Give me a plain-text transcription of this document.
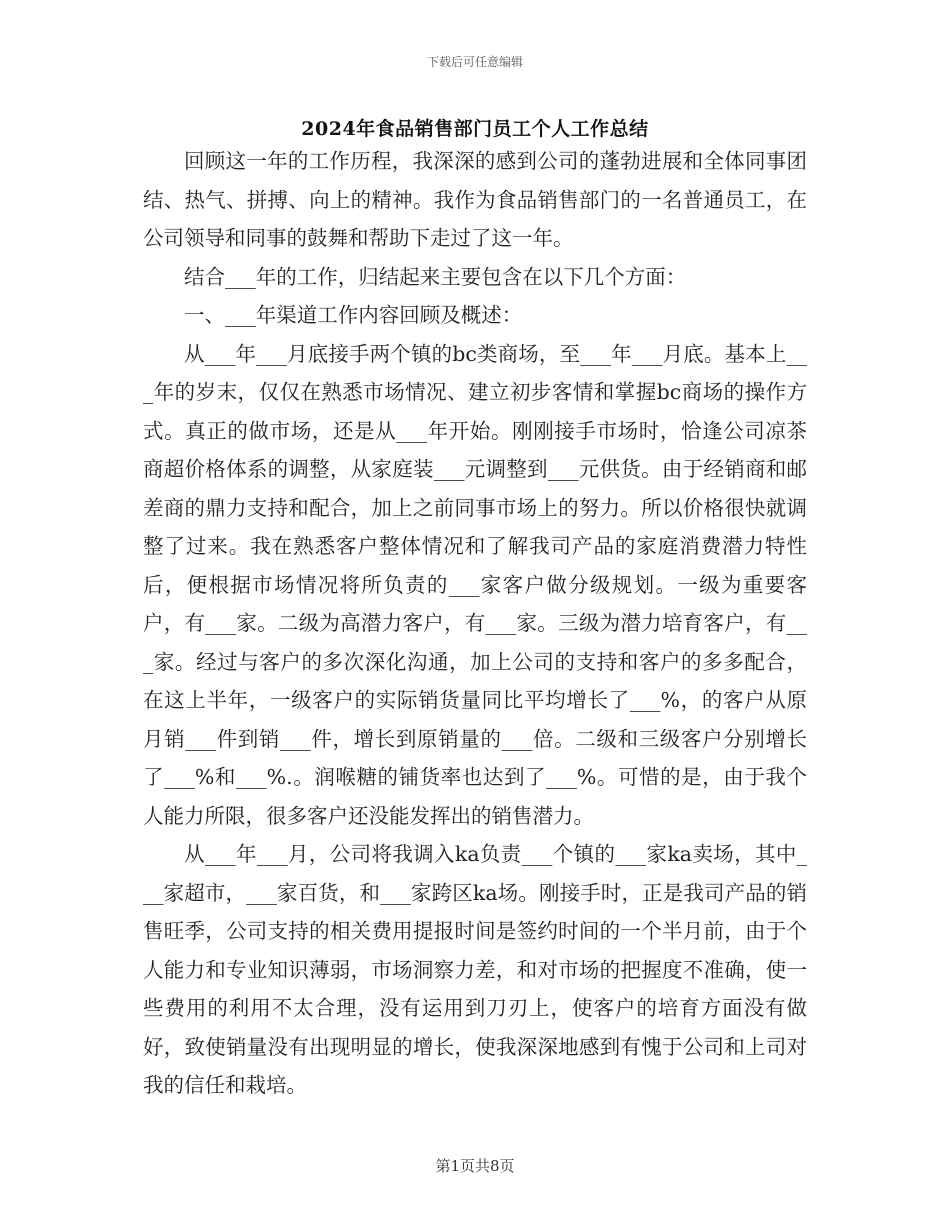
下载后可任意编辑
2024年食品销售部门员工个人工作总结

回顾这一年的工作历程，我深深的感到公司的蓬勃进展和全体同事团结、热气、拼搏、向上的精神。我作为食品销售部门的一名普通员工，在公司领导和同事的鼓舞和帮助下走过了这一年。

结合___年的工作，归结起来主要包含在以下几个方面：

一、___年渠道工作内容回顾及概述：

从___年___月底接手两个镇的bc类商场，至___年___月底。基本上___年的岁末，仅仅在熟悉市场情况、建立初步客情和掌握bc商场的操作方式。真正的做市场，还是从___年开始。刚刚接手市场时，恰逢公司凉茶商超价格体系的调整，从家庭装___元调整到___元供货。由于经销商和邮差商的鼎力支持和配合，加上之前同事市场上的努力。所以价格很快就调整了过来。我在熟悉客户整体情况和了解我司产品的家庭消费潜力特性后，便根据市场情况将所负责的___家客户做分级规划。一级为重要客户，有___家。二级为高潜力客户，有___家。三级为潜力培育客户，有___家。经过与客户的多次深化沟通，加上公司的支持和客户的多多配合，在这上半年，一级客户的实际销货量同比平均增长了___%，的客户从原月销___件到销___件，增长到原销量的___倍。二级和三级客户分别增长了___%和___%.。润喉糖的铺货率也达到了___%。可惜的是，由于我个人能力所限，很多客户还没能发挥出的销售潜力。

从___年___月，公司将我调入ka负责___个镇的___家ka卖场，其中___家超市，___家百货，和___家跨区ka场。刚接手时，正是我司产品的销售旺季，公司支持的相关费用提报时间是签约时间的一个半月前，由于个人能力和专业知识薄弱，市场洞察力差，和对市场的把握度不准确，使一些费用的利用不太合理，没有运用到刀刃上，使客户的培育方面没有做好，致使销量没有出现明显的增长，使我深深地感到有愧于公司和上司对我的信任和栽培。

第1页共8页
